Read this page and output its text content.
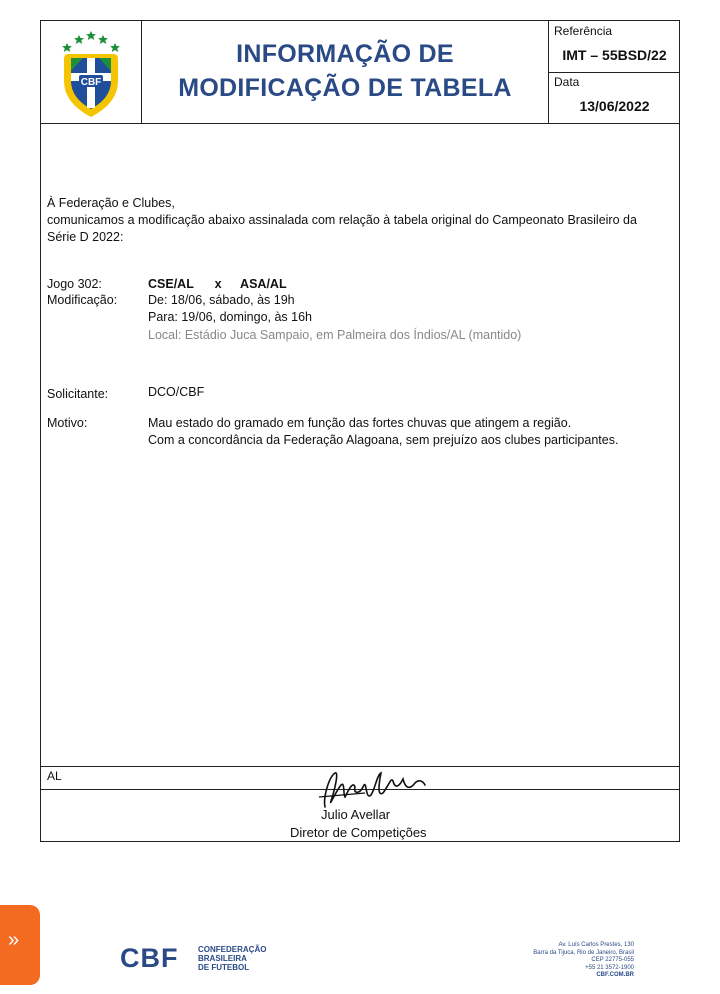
CBF
INFORMAÇÃO DE
MODIFICAÇÃO DE TABELA
Referência
IMT – 55BSD/22
Data
13/06/2022
À Federação e Clubes,
comunicamos a modificação abaixo assinalada com relação à tabela original do Campeonato Brasileiro da Série D 2022:
Jogo 302:	CSE/AL x ASA/AL
Modificação: De: 18/06, sábado, às 19h
Para: 19/06, domingo, às 16h
Local: Estádio Juca Sampaio, em Palmeira dos Índios/AL (mantido)
Solicitante:	DCO/CBF
Motivo:	Mau estado do gramado em função das fortes chuvas que atingem a região.
Com a concordância da Federação Alagoana, sem prejuízo aos clubes participantes.
AL
Julio Avellar
Diretor de Competições
»
CBF CONFEDERAÇÃO
BRASILEIRA
DE FUTEBOL
Av. Luís Carlos Prestes, 130
Barra da Tijuca, Rio de Janeiro, Brasil
CEP 22775-055
+55 21 3572-1900
CBF.COM.BR
